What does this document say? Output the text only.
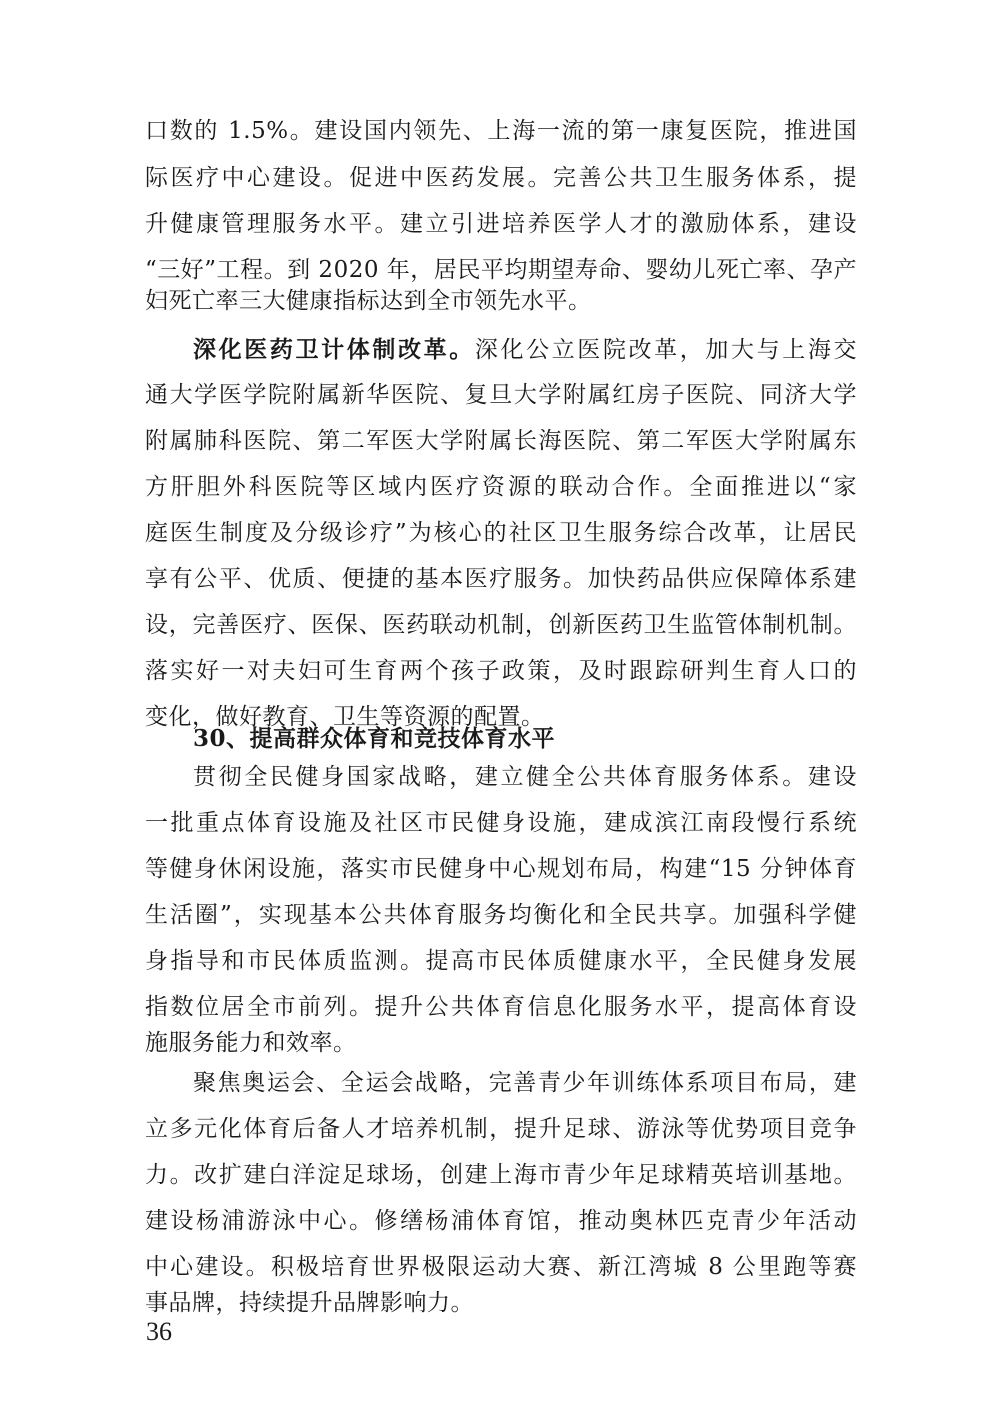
口数的 1.5%。建设国内领先、上海一流的第一康复医院，推进国
际医疗中心建设。促进中医药发展。完善公共卫生服务体系，提
升健康管理服务水平。建立引进培养医学人才的激励体系，建设
“三好”工程。到 2020 年，居民平均期望寿命、婴幼儿死亡率、孕产
妇死亡率三大健康指标达到全市领先水平。
深化医药卫计体制改革。深化公立医院改革，加大与上海交
通大学医学院附属新华医院、复旦大学附属红房子医院、同济大学
附属肺科医院、第二军医大学附属长海医院、第二军医大学附属东
方肝胆外科医院等区域内医疗资源的联动合作。全面推进以“家
庭医生制度及分级诊疗”为核心的社区卫生服务综合改革，让居民
享有公平、优质、便捷的基本医疗服务。加快药品供应保障体系建
设，完善医疗、医保、医药联动机制，创新医药卫生监管体制机制。
落实好一对夫妇可生育两个孩子政策，及时跟踪研判生育人口的
变化，做好教育、卫生等资源的配置。
30、提高群众体育和竞技体育水平
贯彻全民健身国家战略，建立健全公共体育服务体系。建设
一批重点体育设施及社区市民健身设施，建成滨江南段慢行系统
等健身休闲设施，落实市民健身中心规划布局，构建“15 分钟体育
生活圈”，实现基本公共体育服务均衡化和全民共享。加强科学健
身指导和市民体质监测。提高市民体质健康水平，全民健身发展
指数位居全市前列。提升公共体育信息化服务水平，提高体育设
施服务能力和效率。
聚焦奥运会、全运会战略，完善青少年训练体系项目布局，建
立多元化体育后备人才培养机制，提升足球、游泳等优势项目竞争
力。改扩建白洋淀足球场，创建上海市青少年足球精英培训基地。
建设杨浦游泳中心。修缮杨浦体育馆，推动奥林匹克青少年活动
中心建设。积极培育世界极限运动大赛、新江湾城 8 公里跑等赛
事品牌，持续提升品牌影响力。
36
